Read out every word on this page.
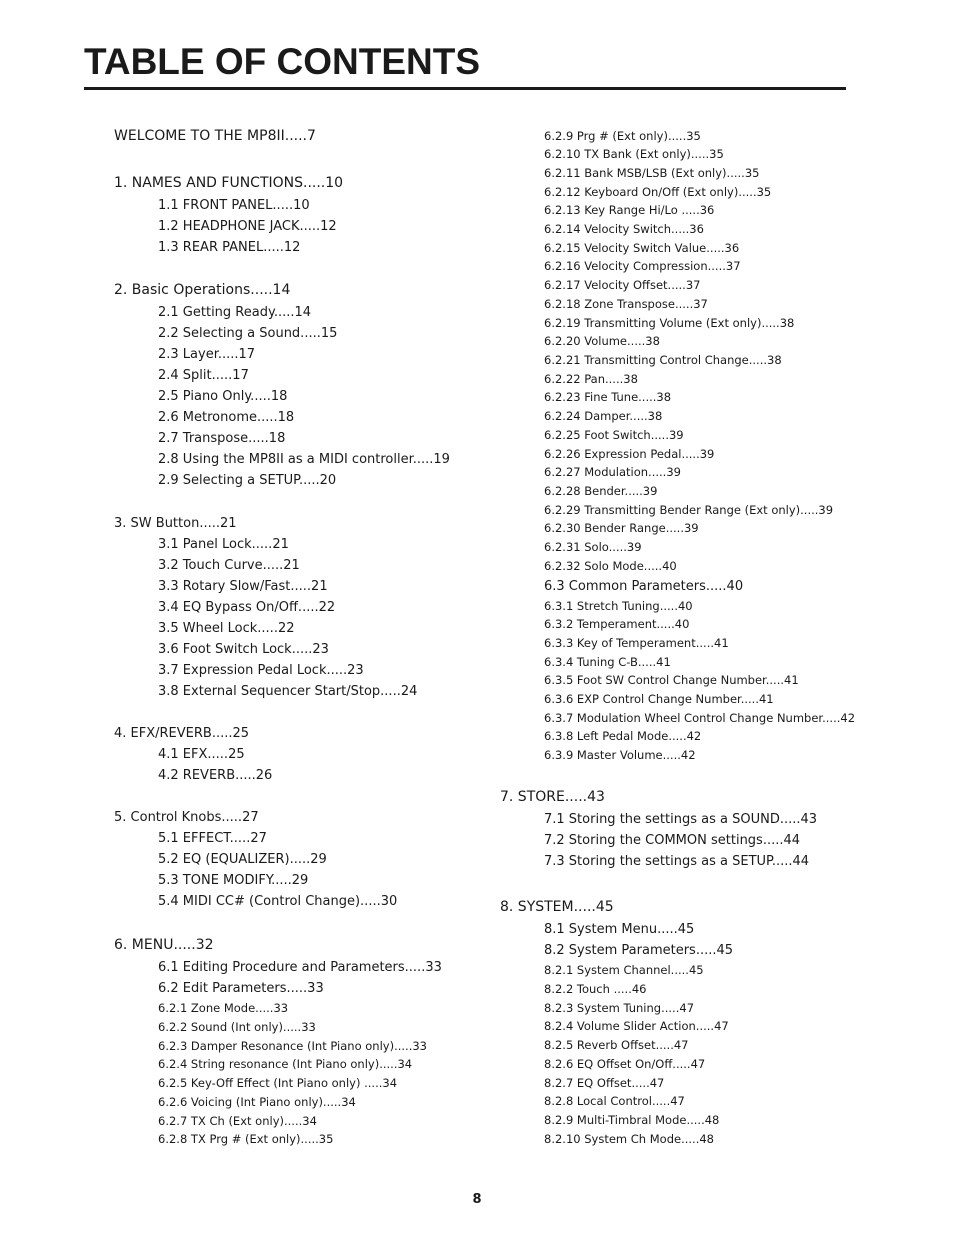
TABLE OF CONTENTS
WELCOME TO THE MP8II.....7
1. NAMES AND FUNCTIONS.....10
1.1 FRONT PANEL.....10
1.2 HEADPHONE JACK.....12
1.3 REAR PANEL.....12
2. Basic Operations.....14
2.1 Getting Ready.....14
2.2 Selecting a Sound.....15
2.3 Layer.....17
2.4 Split.....17
2.5 Piano Only.....18
2.6 Metronome.....18
2.7 Transpose.....18
2.8 Using the MP8II as a MIDI controller.....19
2.9 Selecting a SETUP.....20
3. SW Button.....21
3.1 Panel Lock.....21
3.2 Touch Curve.....21
3.3 Rotary Slow/Fast.....21
3.4 EQ Bypass On/Off.....22
3.5 Wheel Lock.....22
3.6 Foot Switch Lock.....23
3.7 Expression Pedal Lock.....23
3.8 External Sequencer Start/Stop.....24
4. EFX/REVERB.....25
4.1 EFX.....25
4.2 REVERB.....26
5. Control Knobs.....27
5.1 EFFECT.....27
5.2 EQ (EQUALIZER).....29
5.3 TONE MODIFY.....29
5.4 MIDI CC# (Control Change).....30
6. MENU.....32
6.1 Editing Procedure and Parameters.....33
6.2 Edit Parameters.....33
6.2.1 Zone Mode.....33
6.2.2 Sound (Int only).....33
6.2.3 Damper Resonance (Int Piano only).....33
6.2.4 String resonance (Int Piano only).....34
6.2.5 Key-Off Effect (Int Piano only) .....34
6.2.6 Voicing (Int Piano only).....34
6.2.7 TX Ch (Ext only).....34
6.2.8 TX Prg # (Ext only).....35
6.2.9 Prg # (Ext only).....35
6.2.10 TX Bank (Ext only).....35
6.2.11 Bank MSB/LSB (Ext only).....35
6.2.12 Keyboard On/Off (Ext only).....35
6.2.13 Key Range Hi/Lo .....36
6.2.14 Velocity Switch.....36
6.2.15 Velocity Switch Value.....36
6.2.16 Velocity Compression.....37
6.2.17 Velocity Offset.....37
6.2.18 Zone Transpose.....37
6.2.19 Transmitting Volume (Ext only).....38
6.2.20 Volume.....38
6.2.21 Transmitting Control Change.....38
6.2.22 Pan.....38
6.2.23 Fine Tune.....38
6.2.24 Damper.....38
6.2.25 Foot Switch.....39
6.2.26 Expression Pedal.....39
6.2.27 Modulation.....39
6.2.28 Bender.....39
6.2.29 Transmitting Bender Range (Ext only).....39
6.2.30 Bender Range.....39
6.2.31 Solo.....39
6.2.32 Solo Mode.....40
6.3 Common Parameters.....40
6.3.1 Stretch Tuning.....40
6.3.2 Temperament.....40
6.3.3 Key of Temperament.....41
6.3.4 Tuning C-B.....41
6.3.5 Foot SW Control Change Number.....41
6.3.6 EXP Control Change Number.....41
6.3.7 Modulation Wheel Control Change Number.....42
6.3.8 Left Pedal Mode.....42
6.3.9 Master Volume.....42
7. STORE.....43
7.1 Storing the settings as a SOUND.....43
7.2 Storing the COMMON settings.....44
7.3 Storing the settings as a SETUP.....44
8. SYSTEM.....45
8.1 System Menu.....45
8.2 System Parameters.....45
8.2.1 System Channel.....45
8.2.2 Touch .....46
8.2.3 System Tuning.....47
8.2.4 Volume Slider Action.....47
8.2.5 Reverb Offset.....47
8.2.6 EQ Offset On/Off.....47
8.2.7 EQ Offset.....47
8.2.8 Local Control.....47
8.2.9 Multi-Timbral Mode.....48
8.2.10 System Ch Mode.....48
8
